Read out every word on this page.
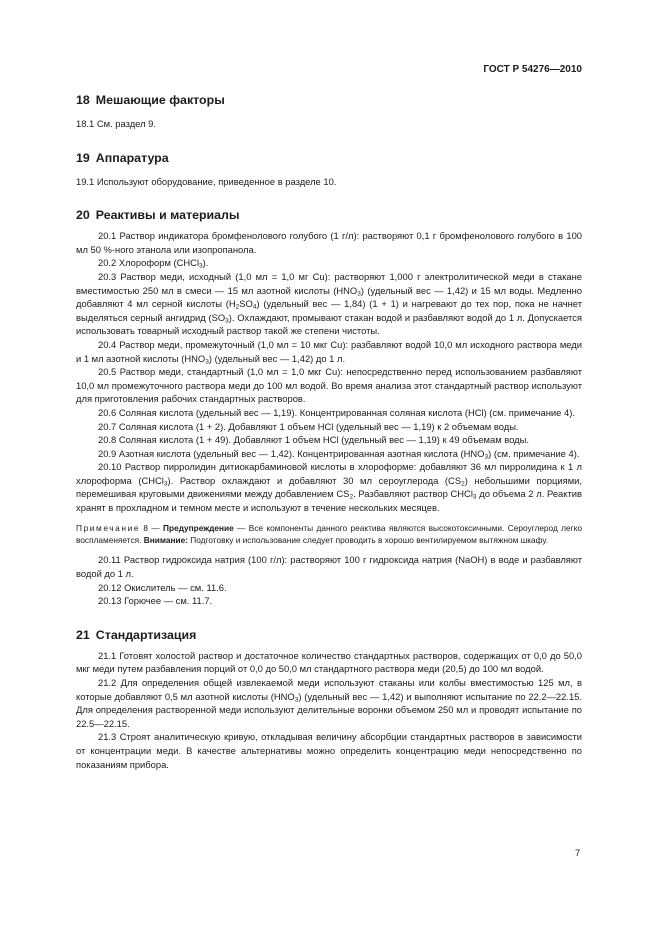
ГОСТ Р 54276—2010
18 Мешающие факторы

18.1 См. раздел 9.

19 Аппаратура

19.1 Используют оборудование, приведенное в разделе 10.

20 Реактивы и материалы

20.1 Раствор индикатора бромфенолового голубого (1 г/л): растворяют 0,1 г бромфенолового голубого в 100 мл 50 %-ного этанола или изопропанола.

20.2 Хлороформ (CHCl$_3$).

20.3 Раствор меди, исходный (1,0 мл = 1,0 мг Cu): растворяют 1,000 г электролитической меди в стакане вместимостью 250 мл в смеси — 15 мл азотной кислоты $(HNO_3)$ (удельный вес — 1,42) и 15 мл воды. Медленно добавляют 4 мл серной кислоты $(H_2SO_4)$ (удельный вес — 1,84) (1 + 1) и нагревают до тех пор, пока не начнет выделяться серный ангидрид $(SO_3)$. Охлаждают, промывают стакан водой и разбавляют водой до 1 л. Допускается использовать товарный исходный раствор такой же степени чистоты.

20.4 Раствор меди, промежуточный (1,0 мл = 10 мкг Cu): разбавляют водой 10,0 мл исходного раствора меди и 1 мл азотной кислоты $(HNO_3)$ (удельный вес — 1,42) до 1 л.

20.5 Раствор меди, стандартный (1,0 мл = 1,0 мкг Cu): непосредственно перед использованием разбавляют 10,0 мл промежуточного раствора меди до 100 мл водой. Во время анализа этот стандартный раствор используют для приготовления рабочих стандартных растворов.

20.6 Соляная кислота (удельный вес — 1,19). Концентрированная соляная кислота (HCl) (см. примечание 4).

20.7 Соляная кислота (1 + 2). Добавляют 1 объем HCl (удельный вес — 1,19) к 2 объемам воды.

20.8 Соляная кислота (1 + 49). Добавляют 1 объем HCl (удельный вес — 1,19) к 49 объемам воды.

20.9 Азотная кислота (удельный вес — 1,42). Концентрированная азотная кислота $(HNO_3)$ (см. примечание 4).

20.10 Раствор пирролидин дитиокарбаминовой кислоты в хлороформе: добавляют 36 мл пирролидина к 1 л хлороформа (CHCl$_3$). Раствор охлаждают и добавляют 30 мл сероуглерода $(CS_2)$ небольшими порциями, перемешивая круговыми движениями между добавлением $CS_2$. Разбавляют раствор CHCl$_3$ до объема 2 л. Реактив хранят в прохладном и темном месте и используют в течение нескольких месяцев.

Примечание 8 — Предупреждение — Все компоненты данного реактива являются высокотоксичными. Сероуглерод легко воспламеняется. Внимание: Подготовку и использование следует проводить в хорошо вентилируемом вытяжном шкафу.

20.11 Раствор гидроксида натрия (100 г/л): растворяют 100 г гидроксида натрия (NaOH) в воде и разбавляют водой до 1 л.

20.12 Окислитель — см. 11.6.

20.13 Горючее — см. 11.7.

21 Стандартизация

21.1 Готовят холостой раствор и достаточное количество стандартных растворов, содержащих от 0,0 до 50,0 мкг меди путем разбавления порций от 0,0 до 50,0 мл стандартного раствора меди (20,5) до 100 мл водой.

21.2 Для определения общей извлекаемой меди используют стаканы или колбы вместимостью 125 мл, в которые добавляют 0,5 мл азотной кислоты $(HNO_3)$ (удельный вес — 1,42) и выполняют испытание по 22.2—22.15. Для определения растворенной меди используют делительные воронки объемом 250 мл и проводят испытание по 22.5—22.15.

21.3 Строят аналитическую кривую, откладывая величину абсорбции стандартных растворов в зависимости от концентрации меди. В качестве альтернативы можно определить концентрацию меди непосредственно по показаниям прибора.

7
